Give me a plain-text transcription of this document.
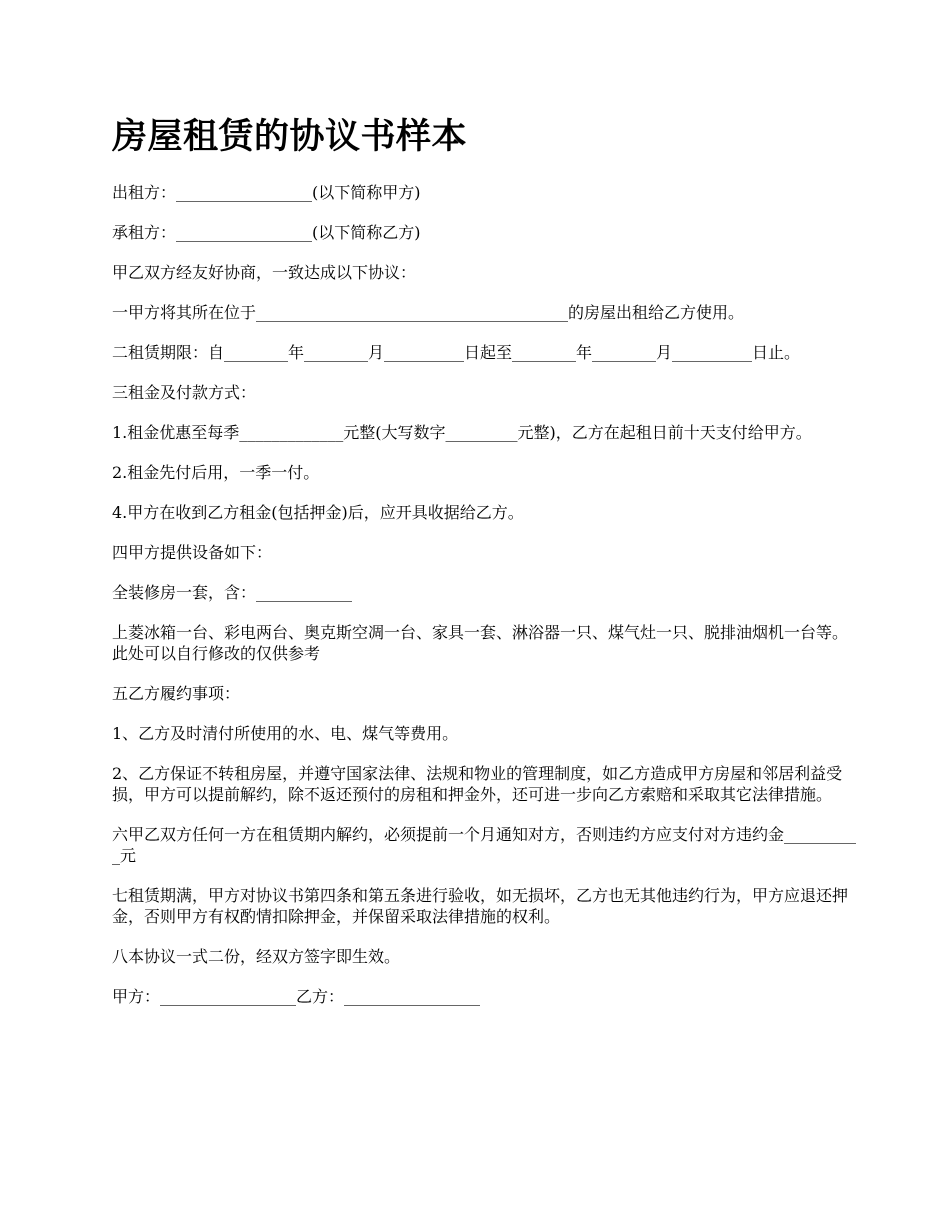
房屋租赁的协议书样本

出租方：_________________(以下简称甲方)

承租方：_________________(以下简称乙方)

甲乙双方经友好协商，一致达成以下协议：

一甲方将其所在位于_______________________________________的房屋出租给乙方使用。

二租赁期限：自________年________月__________日起至________年________月__________日止。

三租金及付款方式：

1.租金优惠至每季_____________元整(大写数字_________元整)，乙方在起租日前十天支付给甲方。

2.租金先付后用，一季一付。

4.甲方在收到乙方租金(包括押金)后，应开具收据给乙方。

四甲方提供设备如下：

全装修房一套，含：____________

上菱冰箱一台、彩电两台、奥克斯空凋一台、家具一套、淋浴器一只、煤气灶一只、脱排油烟机一台等。此处可以自行修改的仅供参考

五乙方履约事项：

1、乙方及时清付所使用的水、电、煤气等费用。

2、乙方保证不转租房屋，并遵守国家法律、法规和物业的管理制度，如乙方造成甲方房屋和邻居利益受损，甲方可以提前解约，除不返还预付的房租和押金外，还可进一步向乙方索赔和采取其它法律措施。

六甲乙双方任何一方在租赁期内解约，必须提前一个月通知对方，否则违约方应支付对方违约金__________元

七租赁期满，甲方对协议书第四条和第五条进行验收，如无损坏，乙方也无其他违约行为，甲方应退还押金，否则甲方有权酌情扣除押金，并保留采取法律措施的权利。

八本协议一式二份，经双方签字即生效。

甲方：_________________乙方：_________________
